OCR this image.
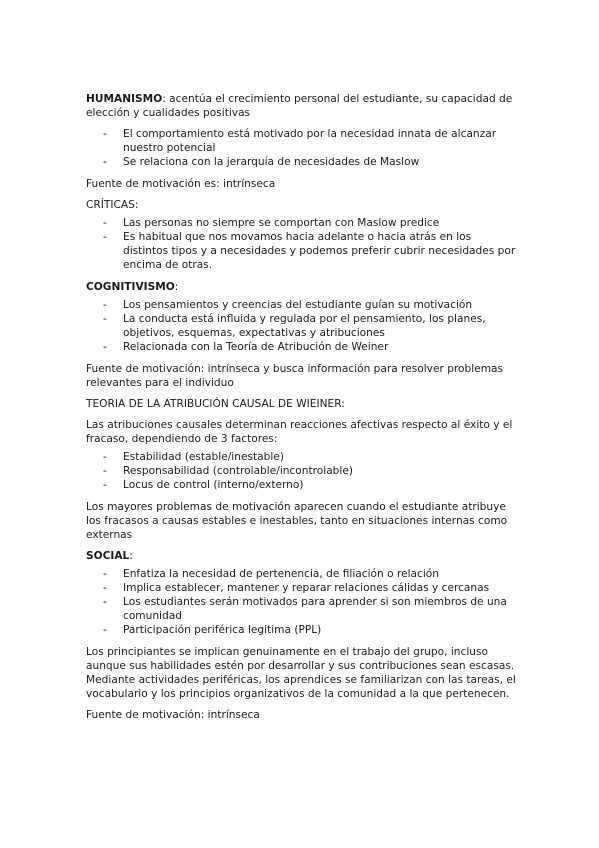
HUMANISMO: acentúa el crecimiento personal del estudiante, su capacidad de elección y cualidades positivas

- El comportamiento está motivado por la necesidad innata de alcanzar nuestro potencial
- Se relaciona con la jerarquía de necesidades de Maslow

Fuente de motivación es: intrínseca

CRÍTICAS:

- Las personas no siempre se comportan con Maslow predice
- Es habitual que nos movamos hacia adelante o hacia atrás en los distintos tipos y a necesidades y podemos preferir cubrir necesidades por encima de otras.

COGNITIVISMO:

- Los pensamientos y creencias del estudiante guían su motivación
- La conducta está influida y regulada por el pensamiento, los planes, objetivos, esquemas, expectativas y atribuciones
- Relacionada con la Teoría de Atribución de Weiner

Fuente de motivación: intrínseca y busca información para resolver problemas relevantes para el individuo

TEORIA DE LA ATRIBUCIÓN CAUSAL DE WIEINER:

Las atribuciones causales determinan reacciones afectivas respecto al éxito y el fracaso, dependiendo de 3 factores:

- Estabilidad (estable/inestable)
- Responsabilidad (controlable/incontrolable)
- Locus de control (interno/externo)

Los mayores problemas de motivación aparecen cuando el estudiante atribuye los fracasos a causas estables e inestables, tanto en situaciones internas como externas

SOCIAL:

- Enfatiza la necesidad de pertenencia, de filiación o relación
- Implica establecer, mantener y reparar relaciones cálidas y cercanas
- Los estudiantes serán motivados para aprender si son miembros de una comunidad
- Participación periférica legitima (PPL)

Los principiantes se implican genuinamente en el trabajo del grupo, incluso aunque sus habilidades estén por desarrollar y sus contribuciones sean escasas. Mediante actividades periféricas, los aprendices se familiarizan con las tareas, el vocabulario y los principios organizativos de la comunidad a la que pertenecen.

Fuente de motivación: intrínseca
